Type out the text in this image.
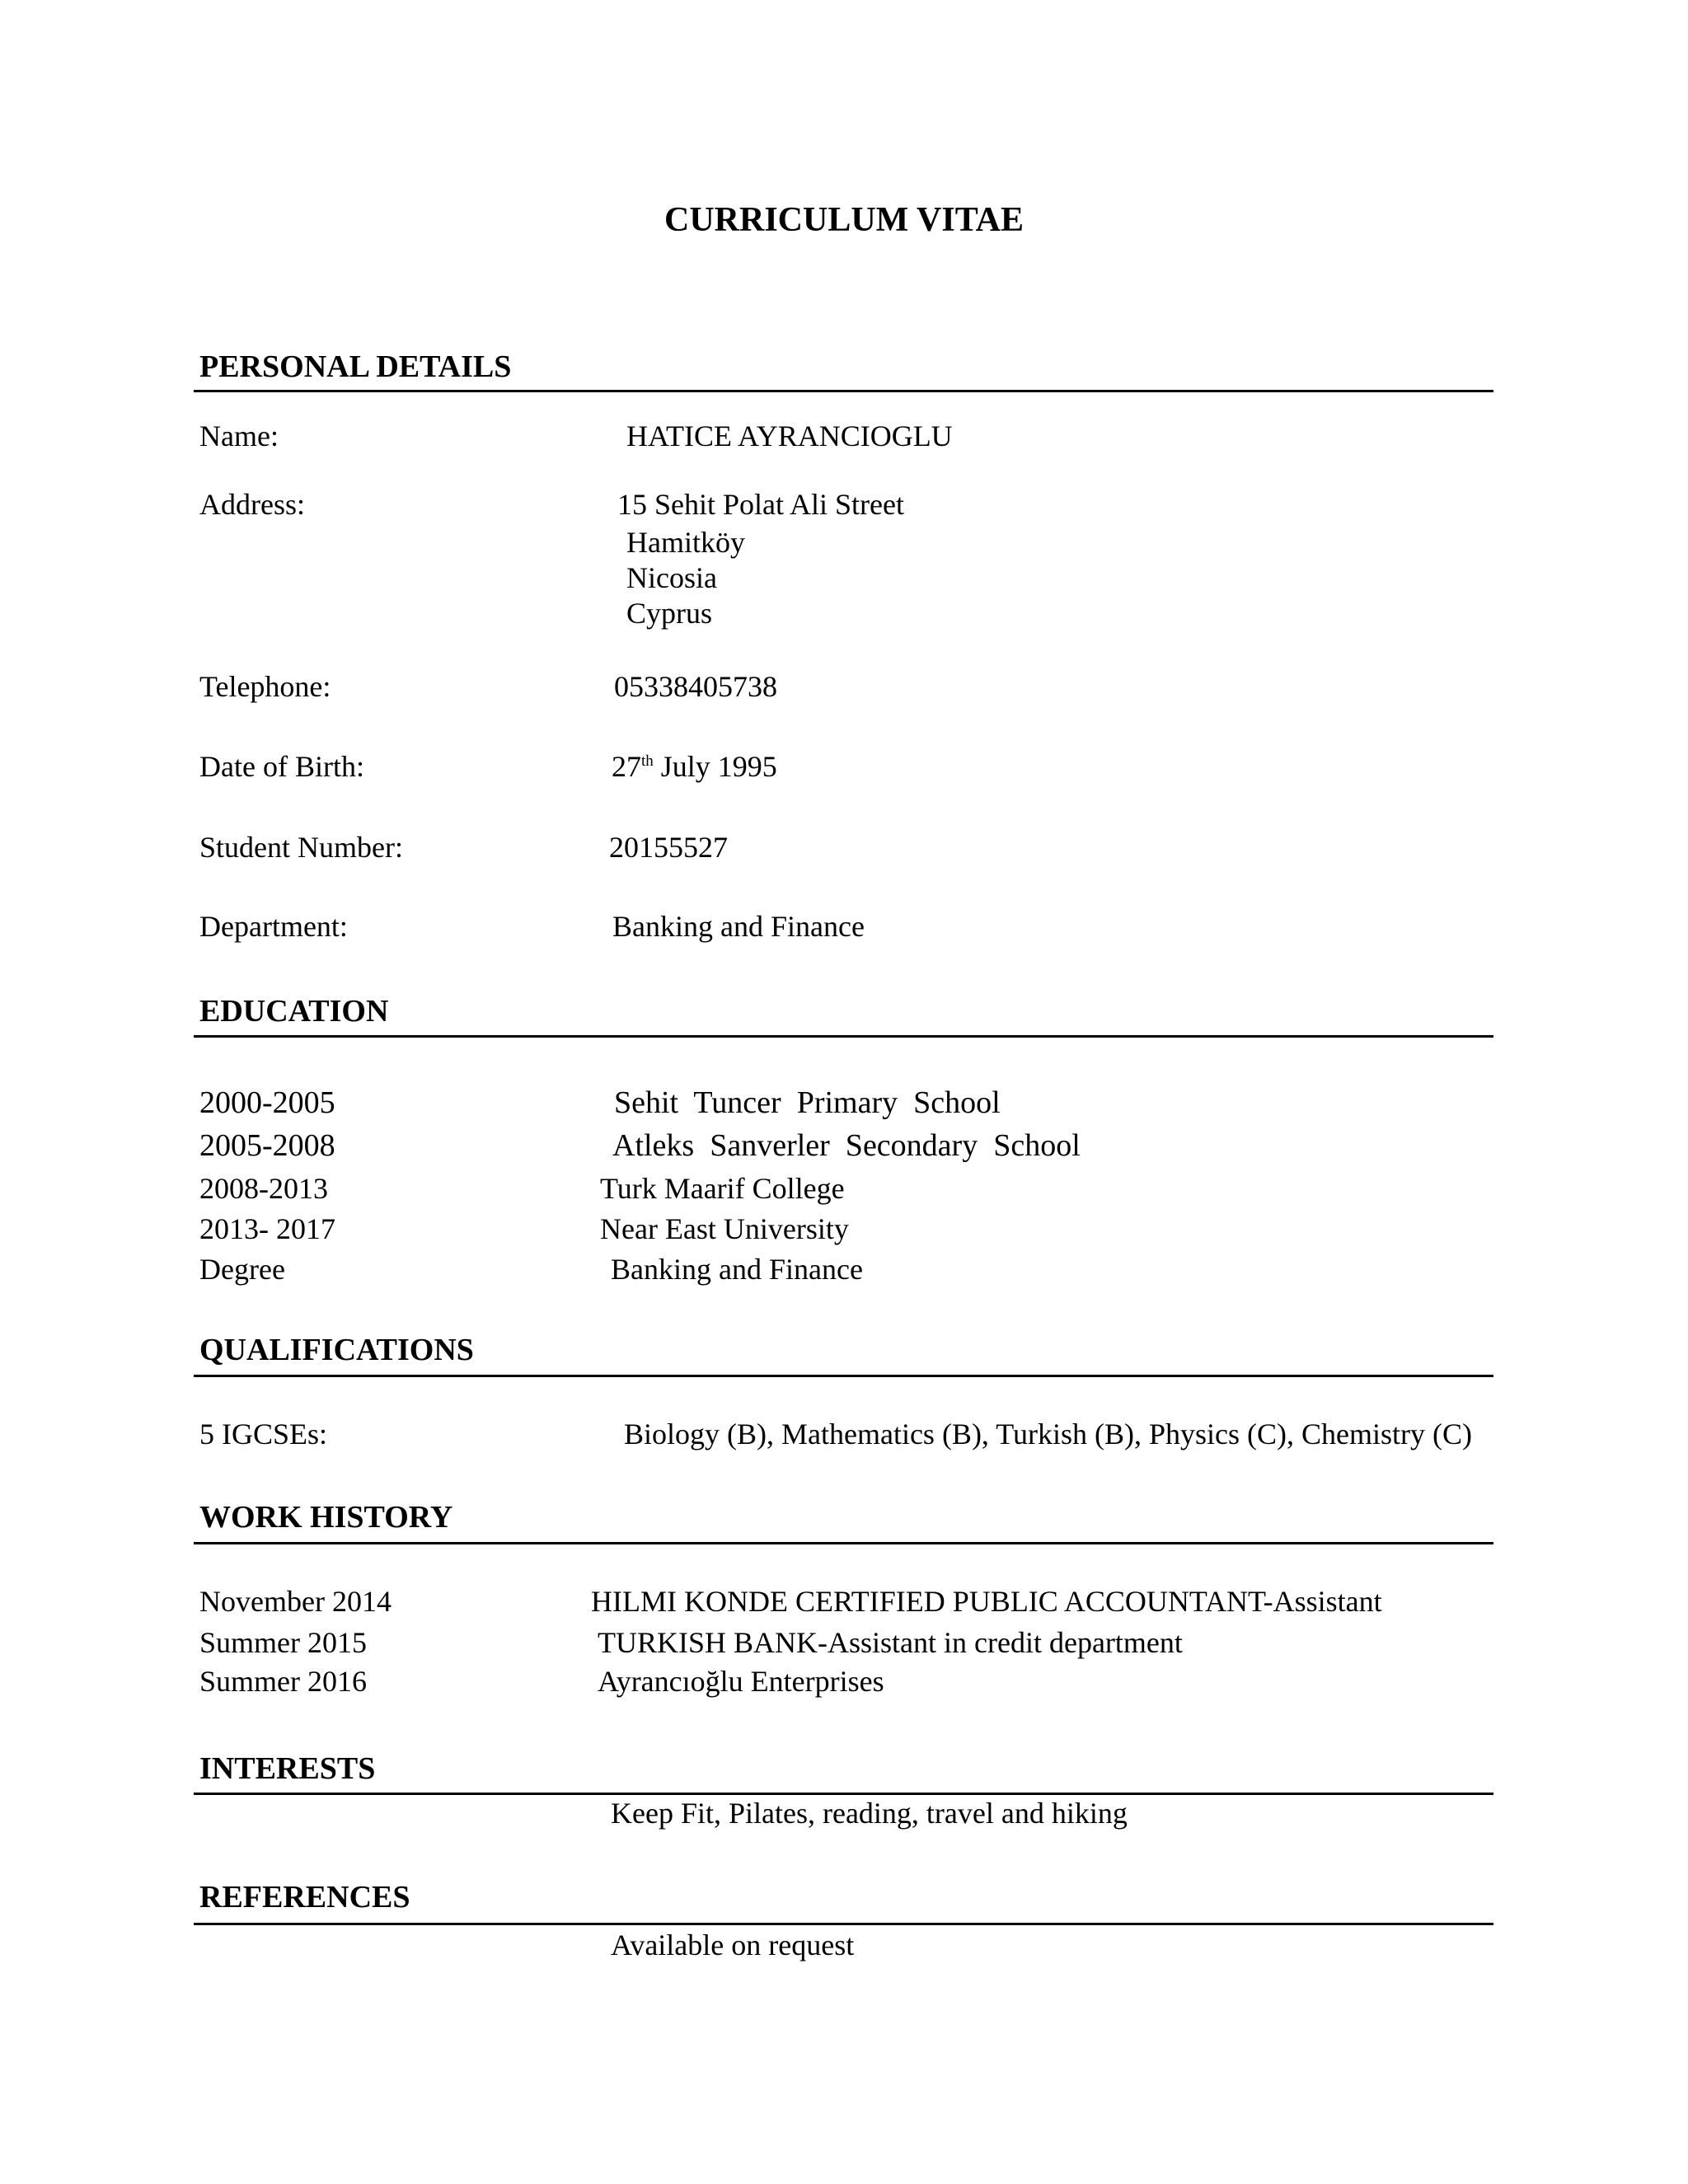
CURRICULUM VITAE
PERSONAL DETAILS
Name:	HATICE AYRANCIOGLU
Address:	15 Sehit Polat Ali Street
Hamitköy
Nicosia
Cyprus
Telephone:	05338405738
Date of Birth:	27th July 1995
Student Number:	20155527
Department:	Banking and Finance
EDUCATION
2000-2005	Sehit  Tuncer  Primary  School
2005-2008	Atleks  Sanverler  Secondary  School
2008-2013	Turk Maarif College
2013- 2017	Near East University
Degree	Banking and Finance
QUALIFICATIONS
5 IGCSEs:	Biology (B), Mathematics (B), Turkish (B), Physics (C), Chemistry (C)
WORK HISTORY
November 2014	HILMI KONDE CERTIFIED PUBLIC ACCOUNTANT-Assistant
Summer 2015	TURKISH BANK-Assistant in credit department
Summer 2016	Ayrancıoğlu Enterprises
INTERESTS
Keep Fit, Pilates, reading, travel and hiking
REFERENCES
Available on request
